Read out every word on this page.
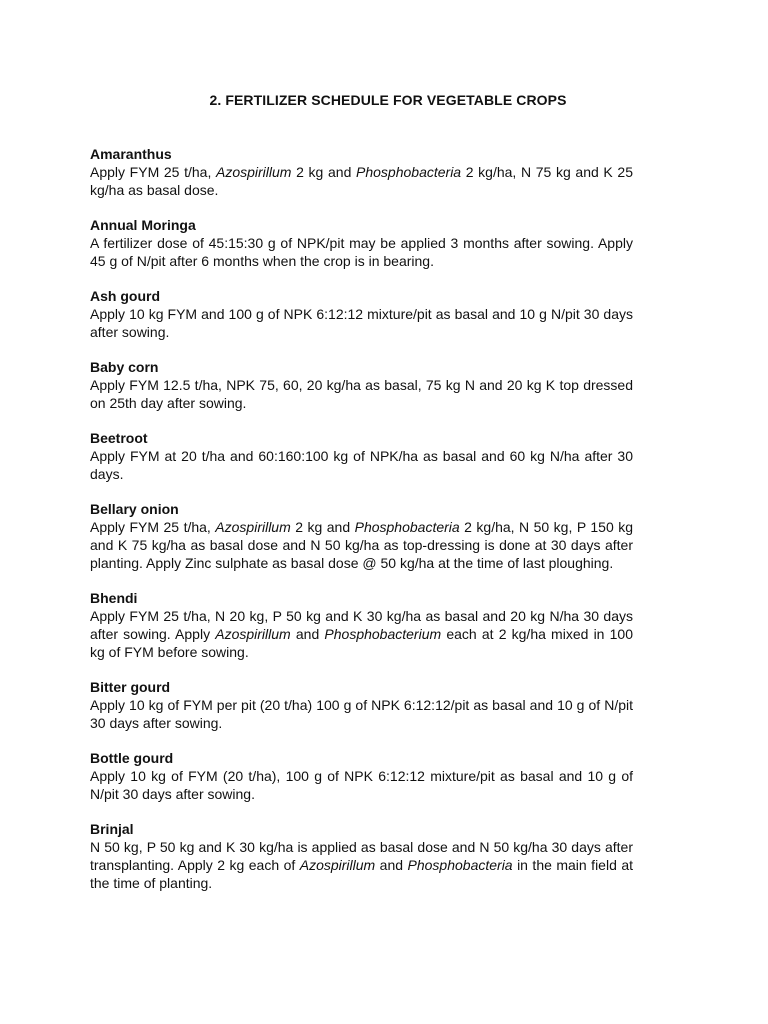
2. FERTILIZER SCHEDULE FOR VEGETABLE CROPS

Amaranthus

Apply FYM 25 t/ha, Azospirillum 2 kg and Phosphobacteria 2 kg/ha, N 75 kg and K 25 kg/ha as basal dose.

Annual Moringa

A fertilizer dose of 45:15:30 g of NPK/pit may be applied 3 months after sowing. Apply 45 g of N/pit after 6 months when the crop is in bearing.

Ash gourd

Apply 10 kg FYM and 100 g of NPK 6:12:12 mixture/pit as basal and 10 g N/pit 30 days after sowing.

Baby corn

Apply FYM 12.5 t/ha, NPK 75, 60, 20 kg/ha as basal, 75 kg N and 20 kg K top dressed on 25th day after sowing.

Beetroot

Apply FYM at 20 t/ha and 60:160:100 kg of NPK/ha as basal and 60 kg N/ha after 30 days.

Bellary onion

Apply FYM 25 t/ha, Azospirillum 2 kg and Phosphobacteria 2 kg/ha, N 50 kg, P 150 kg and K 75 kg/ha as basal dose and N 50 kg/ha as top-dressing is done at 30 days after planting. Apply Zinc sulphate as basal dose @ 50 kg/ha at the time of last ploughing.

Bhendi

Apply FYM 25 t/ha, N 20 kg, P 50 kg and K 30 kg/ha as basal and 20 kg N/ha 30 days after sowing. Apply Azospirillum and Phosphobacterium each at 2 kg/ha mixed in 100 kg of FYM before sowing.

Bitter gourd

Apply 10 kg of FYM per pit (20 t/ha) 100 g of NPK 6:12:12/pit as basal and 10 g of N/pit 30 days after sowing.

Bottle gourd

Apply 10 kg of FYM (20 t/ha), 100 g of NPK 6:12:12 mixture/pit as basal and 10 g of N/pit 30 days after sowing.

Brinjal

N 50 kg, P 50 kg and K 30 kg/ha is applied as basal dose and N 50 kg/ha 30 days after transplanting. Apply 2 kg each of Azospirillum and Phosphobacteria in the main field at the time of planting.
